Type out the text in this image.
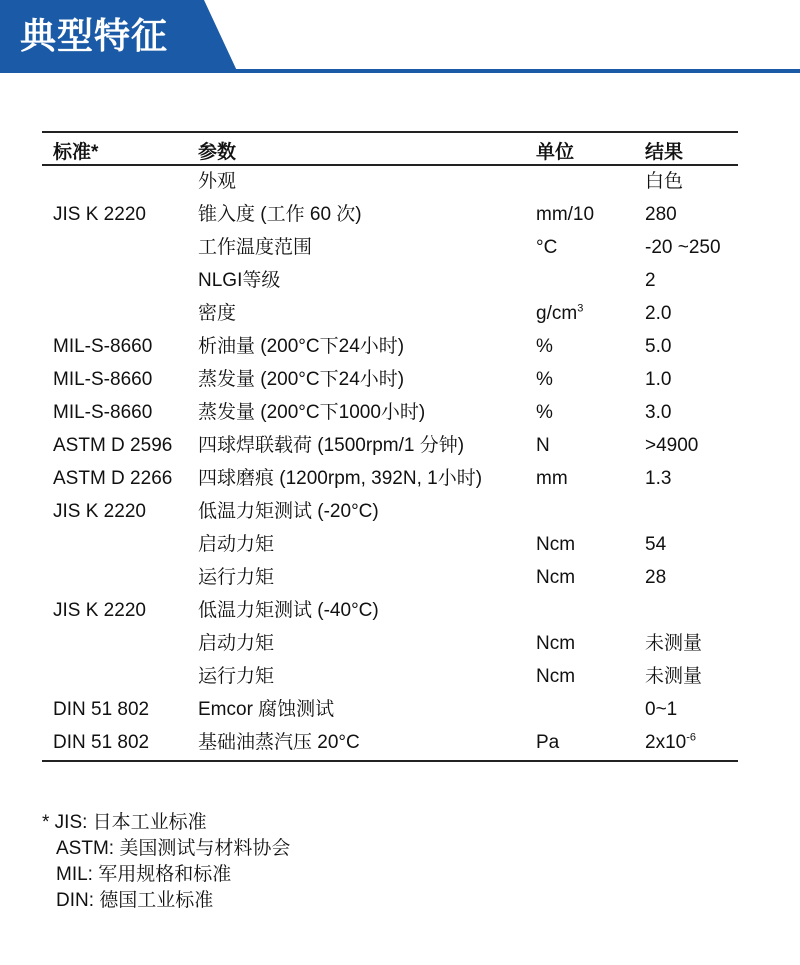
典型特征
标准*	参数	单位	结果
	外观		白色
JIS K 2220	锥入度 (工作 60 次)	mm/10	280
	工作温度范围	°C	-20 ~250
	NLGI等级		2
	密度	$g/cm^3$	2.0
MIL-S-8660	析油量 (200°C下24小时)	%	5.0
MIL-S-8660	蒸发量 (200°C下24小时)	%	1.0
MIL-S-8660	蒸发量 (200°C下1000小时)	%	3.0
ASTM D 2596	四球焊联载荷 (1500rpm/1 分钟)	N	>4900
ASTM D 2266	四球磨痕 (1200rpm, 392N, 1小时)	mm	1.3
JIS K 2220	低温力矩测试 (-20°C)		
	启动力矩	Ncm	54
	运行力矩	Ncm	28
JIS K 2220	低温力矩测试 (-40°C)		
	启动力矩	Ncm	未测量
	运行力矩	Ncm	未测量
DIN 51 802	Emcor 腐蚀测试		0~1
DIN 51 802	基础油蒸汽压 20°C	Pa	$2x10^{-6}$
* JIS: 日本工业标准
ASTM: 美国测试与材料协会
MIL: 军用规格和标准
DIN: 德国工业标准
